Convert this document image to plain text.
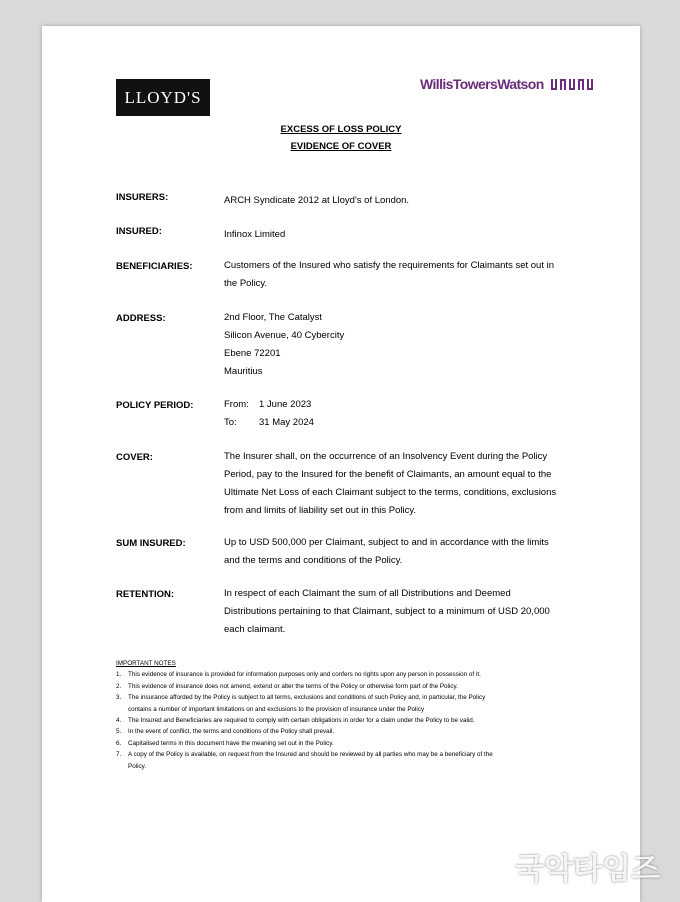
LLOYD'S
WillisTowersWatson
EXCESS OF LOSS POLICY
EVIDENCE OF COVER
INSURERS:	ARCH Syndicate 2012 at Lloyd's of London.
INSURED:	Infinox Limited
BENEFICIARIES:	Customers of the Insured who satisfy the requirements for Claimants set out in
the Policy.
ADDRESS:	2nd Floor, The Catalyst
Silicon Avenue, 40 Cybercity
Ebene 72201
Mauritius
POLICY PERIOD:	From: 1 June 2023
To: 31 May 2024
COVER:	The Insurer shall, on the occurrence of an Insolvency Event during the Policy
Period, pay to the Insured for the benefit of Claimants, an amount equal to the
Ultimate Net Loss of each Claimant subject to the terms, conditions, exclusions
from and limits of liability set out in this Policy.
SUM INSURED:	Up to USD 500,000 per Claimant, subject to and in accordance with the limits
and the terms and conditions of the Policy.
RETENTION:	In respect of each Claimant the sum of all Distributions and Deemed
Distributions pertaining to that Claimant, subject to a minimum of USD 20,000
each claimant.
IMPORTANT NOTES
1.	This evidence of insurance is provided for information purposes only and confers no rights upon any person in possession of it.
2.	This evidence of insurance does not amend, extend or alter the terms of the Policy or otherwise form part of the Policy.
3.	The insurance afforded by the Policy is subject to all terms, exclusions and conditions of such Policy and, in particular, the Policy
contains a number of important limitations on and exclusions to the provision of insurance under the Policy
4.	The Insured and Beneficiaries are required to comply with certain obligations in order for a claim under the Policy to be valid.
5.	In the event of conflict, the terms and conditions of the Policy shall prevail.
6.	Capitalised terms in this document have the meaning set out in the Policy.
7.	A copy of the Policy is available, on request from the Insured and should be reviewed by all parties who may be a beneficiary of the
Policy.
국악타임즈
